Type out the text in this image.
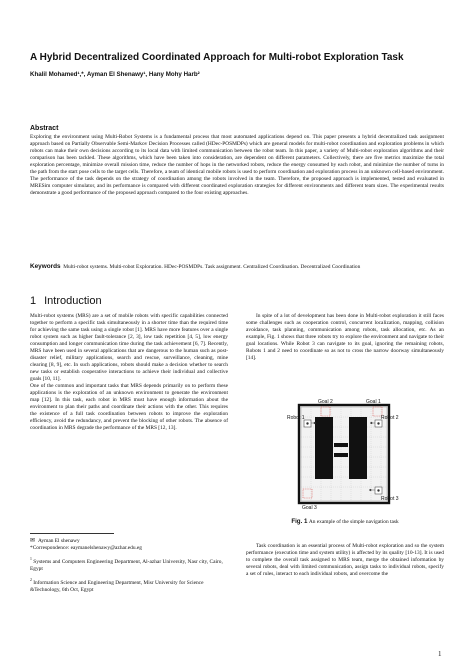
A Hybrid Decentralized Coordinated Approach for Multi-robot Exploration Task
Khalil Mohamed¹,*, Ayman El Shenawy¹, Hany Mohy Harb²
Abstract
Exploring the environment using Multi-Robot Systems is a fundamental process that most automated applications depend on. This paper presents a hybrid decentralized task assignment approach based on Partially Observable Semi-Markov Decision Processes called (HDec-POSMDPs) which are general models for multi-robot coordination and exploration problems in which robots can make their own decisions according to its local data with limited communication between the robot team. In this paper, a variety of Multi-robot exploration algorithms and their comparison has been tackled. These algorithms, which have been taken into consideration, are dependent on different parameters. Collectively, there are five metrics maximize the total exploration percentage, minimize overall mission time, reduce the number of hops in the networked robots, reduce the energy consumed by each robot, and minimize the number of turns in the path from the start pose cells to the target cells. Therefore, a team of identical mobile robots is used to perform coordination and exploration process in an unknown cell-based environment. The performance of the task depends on the strategy of coordination among the robots involved in the team. Therefore, the proposed approach is implemented, tested and evaluated in MRESim computer simulator, and its performance is compared with different coordinated exploration strategies for different environments and different team sizes. The experimental results demonstrate a good performance of the proposed approach compared to the four existing approaches.
Keywords Multi-robot systems. Multi-robot Exploration. HDec-POSMDPs. Task assignment. Centralized Coordination. Decentralized Coordination
1 Introduction

Multi-robot systems (MRS) are a set of mobile robots with specific capabilities connected together to perform a specific task simultaneously in a shorter time than the required time for achieving the same task using a single robot [1]. MRS have more features over a single robot system such as higher fault-tolerance [2, 3], low task repetition [4, 5], low energy consumption and longer communication time during the task achievement [6, 7]. Recently, MRS have been used in several applications that are dangerous to the human such as post-disaster relief, military applications, search and rescue, surveillance, cleaning, mine clearing [8, 9], etc. In such applications, robots should make a decision whether to search new tasks or establish cooperative interactions to achieve their individual and collective goals [10, 11].

One of the common and important tasks that MRS depends primarily on to perform these applications is the exploration of an unknown environment to generate the environment map [12]. In this task, each robot in MRS must have enough information about the environment to plan their paths and coordinate their actions with the other. This requires the existence of a full task coordination between robots to improve the exploration efficiency, avoid the redundancy, and prevent the blocking of other robots. The absence of coordination in MRS degrade the performance of the MRS [12, 13].

✉ Ayman El shenawy
*Correspondence: eaymanelshenawy@azhar.edu.eg
$^1$ Systems and Computers Engineering Department, Al-azhar University, Nasr city, Cairo, Egypt
$^2$ Information Science and Engineering Department, Misr University for Science &Technology, 6th Oct, Egypt

In spite of a lot of development has been done in Multi-robot exploration it still faces some challenges such as cooperation control, concurrent localization, mapping, collision avoidance, task planning, communication among robots, task allocation, etc. As an example, Fig. 1 shows that three robots try to explore the environment and navigate to their goal locations. While Robot 3 can navigate to its goal, ignoring the remaining robots, Robots 1 and 2 need to coordinate so as not to cross the narrow doorway simultaneously [14].

Goal 2	Goal 1
Goal 3
Robot 1	Robot 2
Robot 3
Fig. 1 An example of the simple navigation task

Task coordination is an essential process of Multi-robot exploration and so the system performance (execution time and system utility) is affected by its quality [10-13]. It is used to complete the overall task assigned to MRS team, merge the obtained information by several robots, deal with limited communication, assign tasks to individual robots, specify a set of rules, interact to each individual robots, and overcome the

1
